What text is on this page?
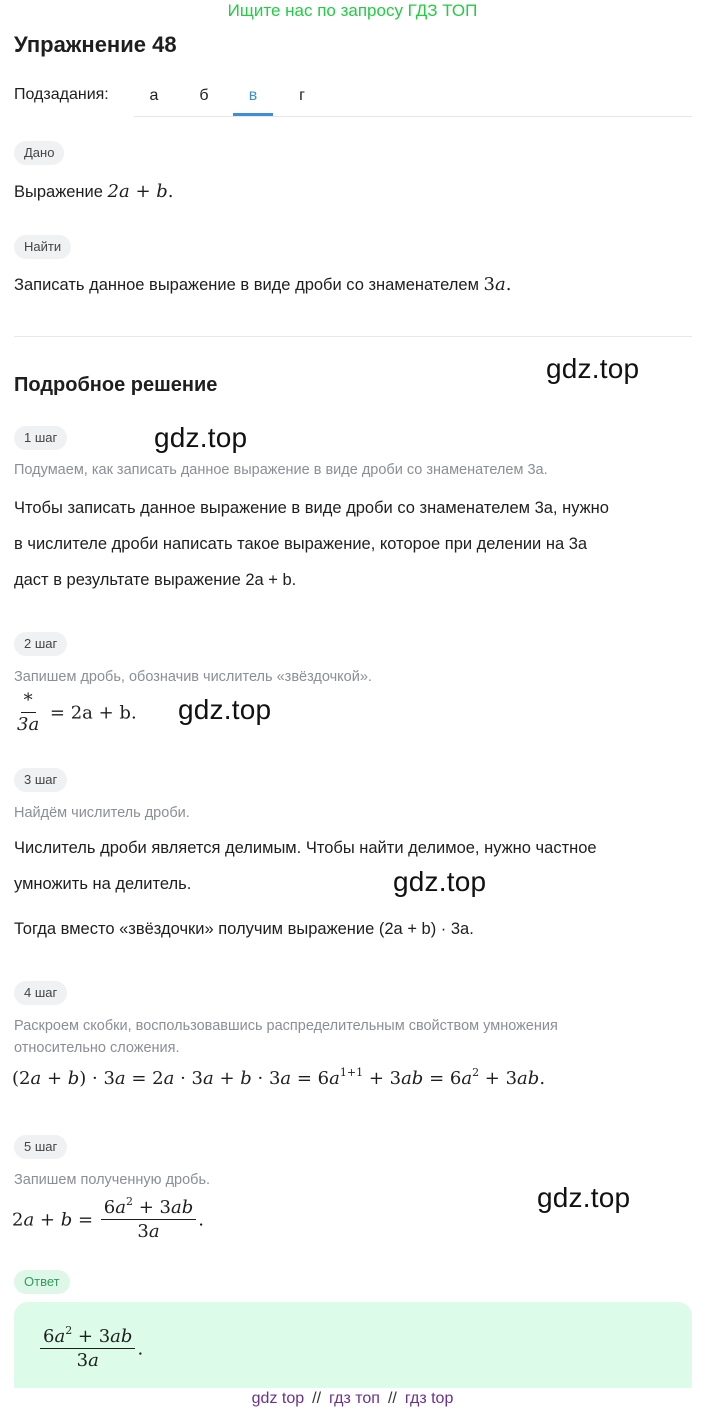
Ищите нас по запросу ГДЗ ТОП
Упражнение 48
Подзадания:	а	б	в	г
Дано
Выражение 2a + b.
Найти
Записать данное выражение в виде дроби со знаменателем 3a.
Подробное решение
gdz.top
gdz.top
gdz.top
gdz.top
gdz.top
1 шаг
Подумаем, как записать данное выражение в виде дроби со знаменателем 3a.
Чтобы записать данное выражение в виде дроби со знаменателем 3a, нужно
в числителе дроби написать такое выражение, которое при делении на 3a
даст в результате выражение 2a + b.
2 шаг
Запишем дробь, обозначив числитель «звёздочкой».
$\frac{*}{3a} = 2a + b$.
3 шаг
Найдём числитель дроби.
Числитель дроби является делимым. Чтобы найти делимое, нужно частное
умножить на делитель.
Тогда вместо «звёздочки» получим выражение (2a + b) · 3a.
4 шаг
Раскроем скобки, воспользовавшись распределительным свойством умножения
относительно сложения.
$(2a + b) \cdot 3a = 2a \cdot 3a + b \cdot 3a = 6a^{1+1} + 3ab = 6a^2 + 3ab$.
5 шаг
Запишем полученную дробь.
$2a + b = \frac{6a^2 + 3ab}{3a}$ .
Ответ
$\frac{6a^2 + 3ab}{3a}$ .
gdz top // гдз топ // гдз top
